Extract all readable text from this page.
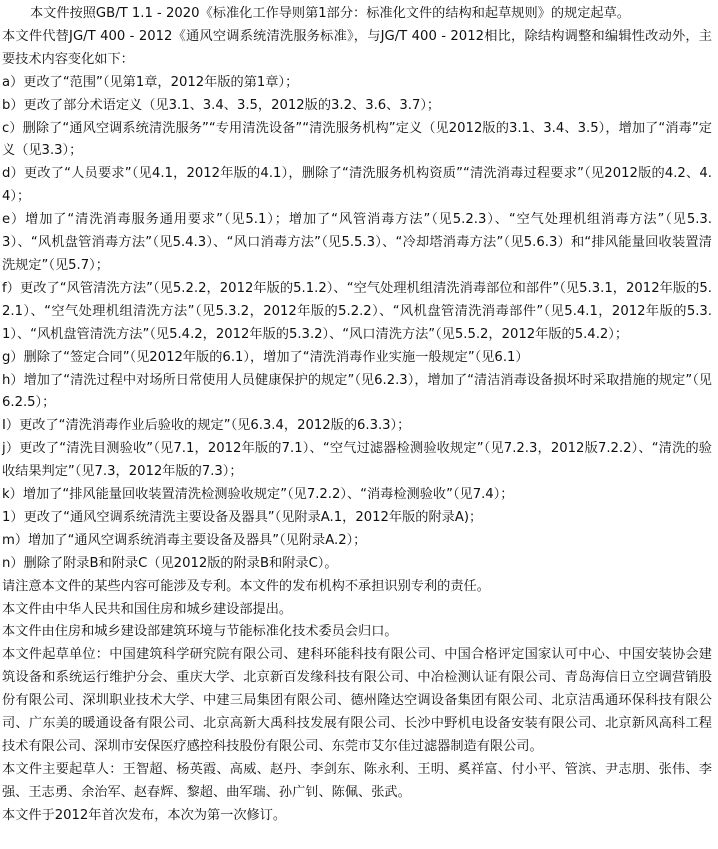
本文件按照GB/T 1.1 - 2020《标准化工作导则第1部分：标准化文件的结构和起草规则》的规定起草。

本文件代替JG/T 400 - 2012《通风空调系统清洗服务标准》，与JG/T 400 - 2012相比，除结构调整和编辑性改动外，主要技术内容变化如下：

a）更改了“范围”（见第1章，2012年版的第1章）；

b）更改了部分术语定义（见3.1、3.4、3.5，2012版的3.2、3.6、3.7）；

c）删除了“通风空调系统清洗服务”“专用清洗设备”“清洗服务机构”定义（见2012版的3.1、3.4、3.5），增加了“消毒”定义（见3.3）；

d）更改了“人员要求”（见4.1，2012年版的4.1），删除了“清洗服务机构资质”“清洗消毒过程要求”（见2012版的4.2、4.4）；

e）增加了“清洗消毒服务通用要求”（见5.1）；增加了“风管消毒方法”（见5.2.3）、“空气处理机组消毒方法”（见5.3.3）、“风机盘管消毒方法”（见5.4.3）、“风口消毒方法”（见5.5.3）、“冷却塔消毒方法”（见5.6.3）和“排风能量回收装置清洗规定”（见5.7）；

f）更改了“风管清洗方法”（见5.2.2，2012年版的5.1.2）、“空气处理机组清洗消毒部位和部件”（见5.3.1，2012年版的5.2.1）、“空气处理机组清洗方法”（见5.3.2，2012年版的5.2.2）、“风机盘管清洗消毒部件”（见5.4.1，2012年版的5.3.1）、“风机盘管清洗方法”（见5.4.2，2012年版的5.3.2）、“风口清洗方法”（见5.5.2，2012年版的5.4.2）；

g）删除了“签定合同”（见2012年版的6.1），增加了“清洗消毒作业实施一般规定”（见6.1）

h）增加了“清洗过程中对场所日常使用人员健康保护的规定”（见6.2.3），增加了“清洁消毒设备损坏时采取措施的规定”（见6.2.5）；

I）更改了“清洗消毒作业后验收的规定”（见6.3.4，2012版的6.3.3）；

j）更改了“清洗目测验收”（见7.1，2012年版的7.1）、“空气过滤器检测验收规定”（见7.2.3，2012版7.2.2）、“清洗的验收结果判定”（见7.3，2012年版的7.3）；

k）增加了“排风能量回收装置清洗检测验收规定”（见7.2.2）、“消毒检测验收”（见7.4）；

1）更改了“通风空调系统清洗主要设备及器具”（见附录A.1，2012年版的附录A)；

m）增加了“通风空调系统消毒主要设备及器具”（见附录A.2）；

n）删除了附录B和附录C（见2012版的附录B和附录C）。

请注意本文件的某些内容可能涉及专利。本文件的发布机构不承担识别专利的责任。

本文件由中华人民共和国住房和城乡建设部提出。

本文件由住房和城乡建设部建筑环境与节能标准化技术委员会归口。

本文件起草单位：中国建筑科学研究院有限公司、建科环能科技有限公司、中国合格评定国家认可中心、中国安装协会建筑设备和系统运行维护分会、重庆大学、北京新百发缘科技有限公司、中冶检测认证有限公司、青岛海信日立空调营销股份有限公司、深圳职业技术大学、中建三局集团有限公司、德州隆达空调设备集团有限公司、北京洁禹通环保科技有限公司、广东美的暖通设备有限公司、北京高新大禹科技发展有限公司、长沙中野机电设备安装有限公司、北京新风高科工程技术有限公司、深圳市安保医疗感控科技股份有限公司、东莞市艾尔佳过滤器制造有限公司。

本文件主要起草人：王智超、杨英霞、高威、赵丹、李剑东、陈永利、王明、奚祥富、付小平、管滨、尹志朋、张伟、李强、王志勇、余治军、赵春辉、黎超、曲军瑞、孙广钊、陈佩、张武。

本文件于2012年首次发布，本次为第一次修订。
